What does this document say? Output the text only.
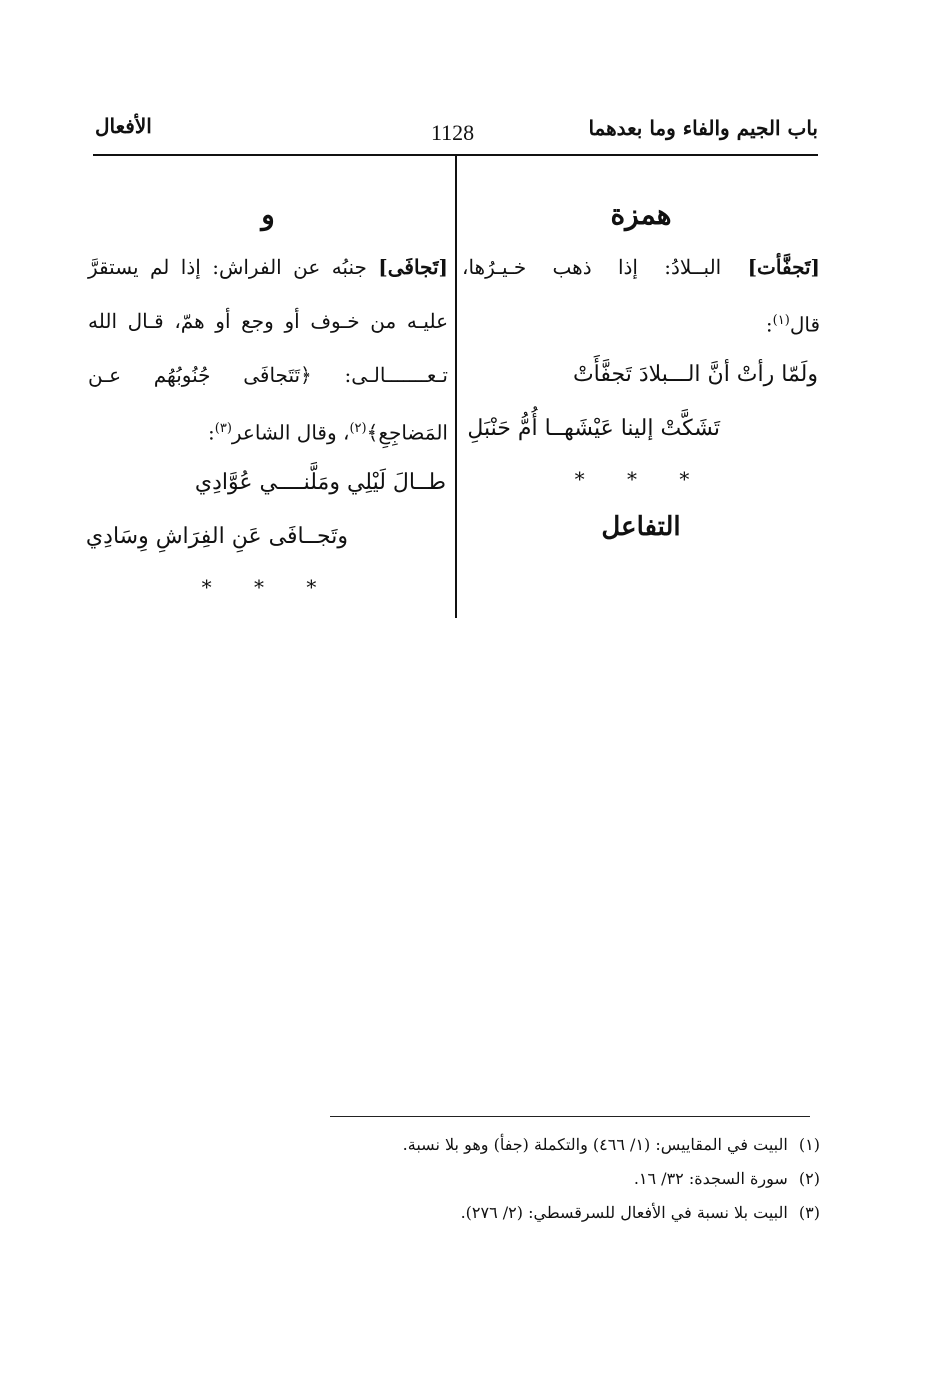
باب الجيم والفاء وما بعدهما
1128
الأفعال
همزة
[تَجفَّأت] البــلادُ: إذا ذهب خـيـرُها،
قال$^{(١)}$:
ولَمّا رأتْ أنَّ الـــبلادَ تَجفَّأَتْ
تَشَكَّتْ إلينا عَيْشَهــا أُمُّ حَنْبَلِ
* * *
التفاعل
و
[تَجافَى] جنبُه عن الفراش: إذا لم يستقرَّ
عليـه من خـوف أو وجع أو همّ، قـال الله
تـعـــــــالـى: ﴿تَتَجافَى جُنُوبُهُم عـن
المَضاجِعِ﴾$^{(٢)}$، وقال الشاعر$^{(٣)}$:
طــالَ لَيْلِي ومَلَّنــــي عُوَّادِي
وتَجــافَى عَنِ الفِرَاشِ وِسَادِي
* * *
(١) البيت في المقاييس: (١/ ٤٦٦) والتكملة (جفأ) وهو بلا نسبة.
(٢) سورة السجدة: ٣٢/ ١٦.
(٣) البيت بلا نسبة في الأفعال للسرقسطي: (٢/ ٢٧٦).
